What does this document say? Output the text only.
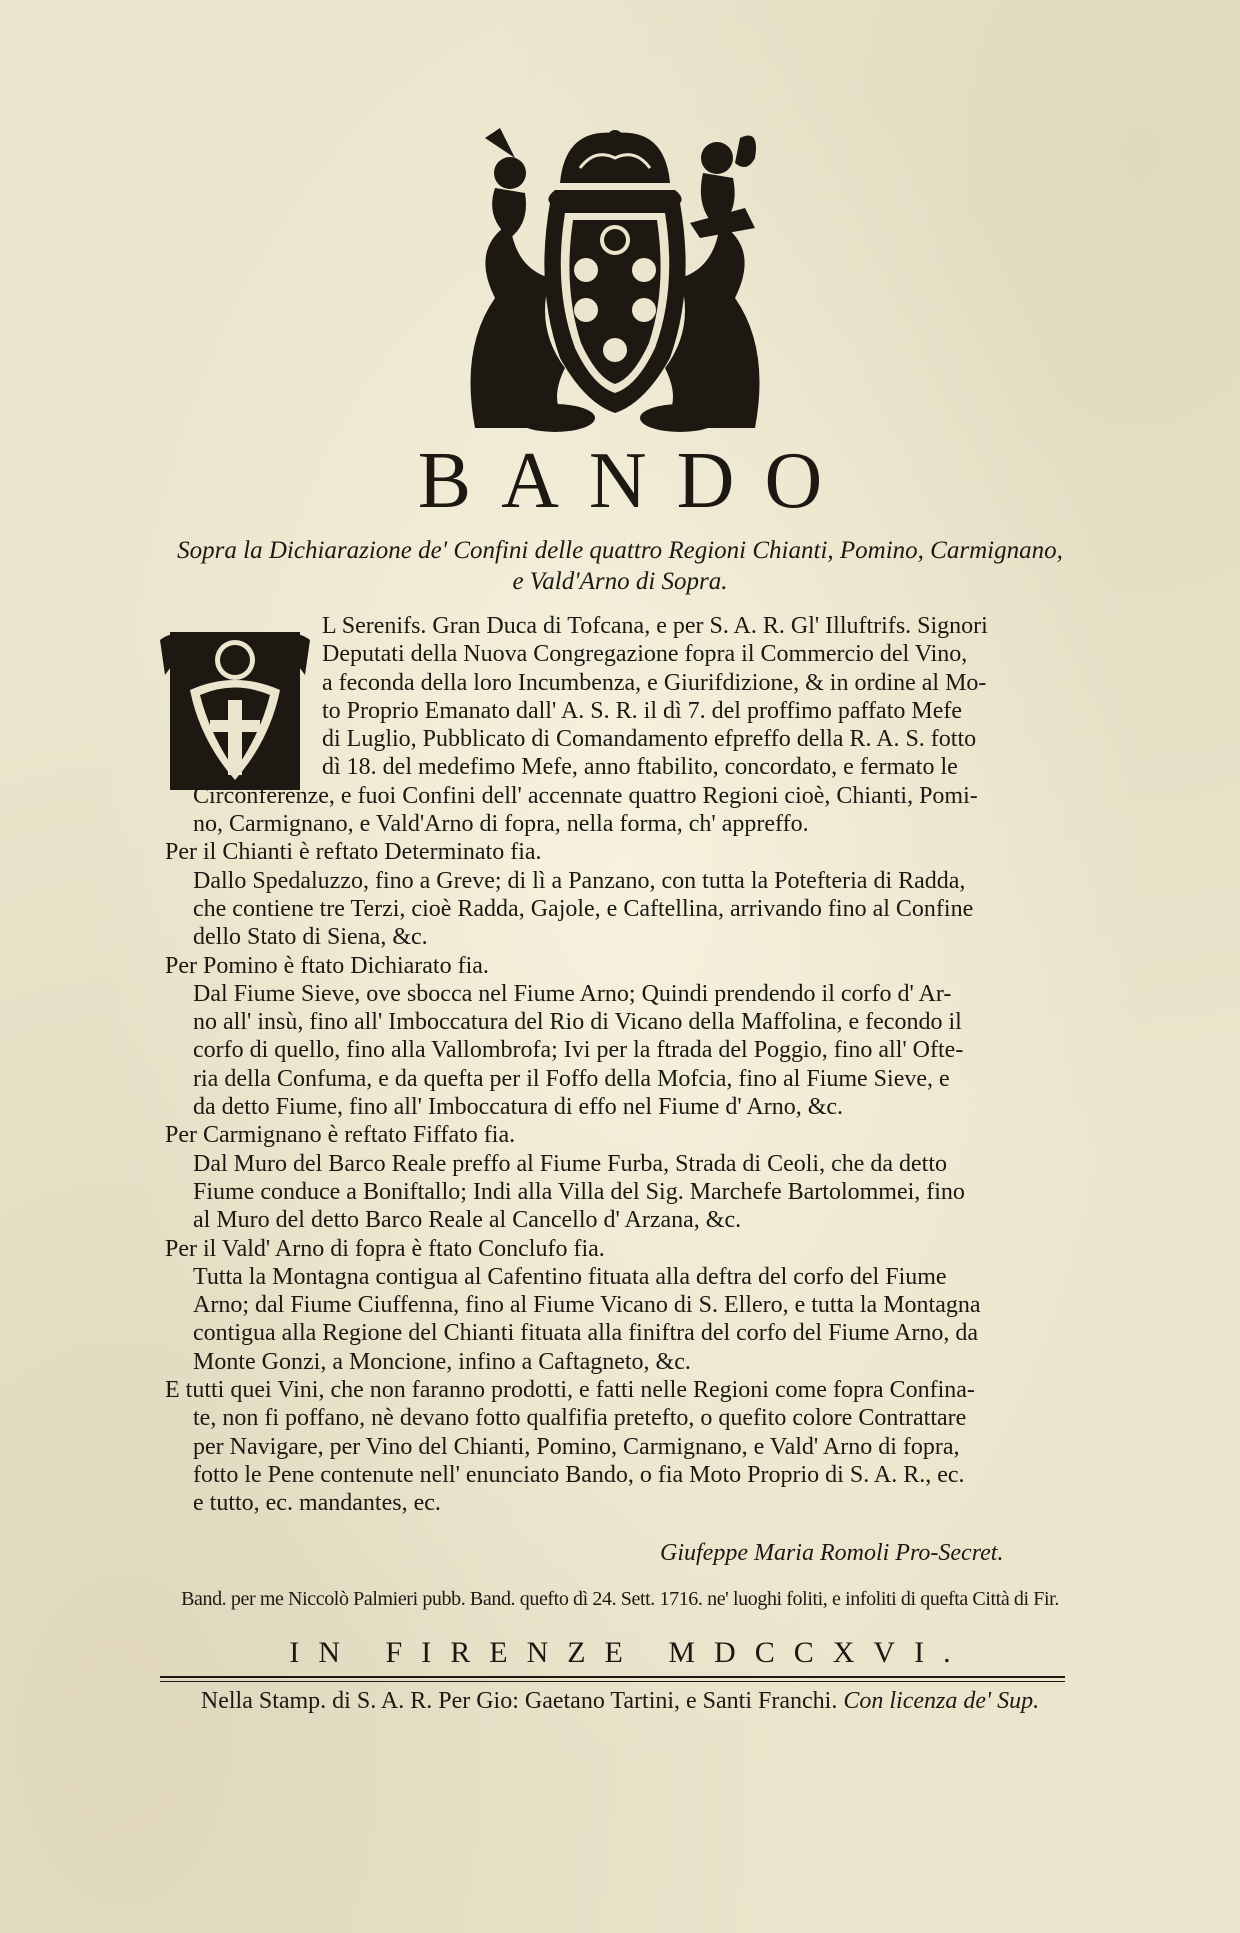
BANDO
Sopra la Dichiarazione de' Confini delle quattro Regioni Chianti, Pomino, Carmignano,
e Vald'Arno di Sopra.

L Serenifs. Gran Duca di Tofcana, e per S. A. R. Gl' Illuftrifs. Signori
Deputati della Nuova Congregazione fopra il Commercio del Vino,
a feconda della loro Incumbenza, e Giurifdizione, & in ordine al Mo-
to Proprio Emanato dall' A. S. R. il dì 7. del proffimo paffato Mefe
di Luglio, Pubblicato di Comandamento efpreffo della R. A. S. fotto
dì 18. del medefimo Mefe, anno ftabilito, concordato, e fermato le
Circonferenze, e fuoi Confini dell' accennate quattro Regioni cioè, Chianti, Pomi-
no, Carmignano, e Vald'Arno di fopra, nella forma, ch' appreffo.

Per il Chianti è reftato Determinato fia.
Dallo Spedaluzzo, fino a Greve; di lì a Panzano, con tutta la Potefteria di Radda,
che contiene tre Terzi, cioè Radda, Gajole, e Caftellina, arrivando fino al Confine
dello Stato di Siena, &c.

Per Pomino è ftato Dichiarato fia.
Dal Fiume Sieve, ove sbocca nel Fiume Arno; Quindi prendendo il corfo d' Ar-
no all' insù, fino all' Imboccatura del Rio di Vicano della Maffolina, e fecondo il
corfo di quello, fino alla Vallombrofa; Ivi per la ftrada del Poggio, fino all' Ofte-
ria della Confuma, e da quefta per il Foffo della Mofcia, fino al Fiume Sieve, e
da detto Fiume, fino all' Imboccatura di effo nel Fiume d' Arno, &c.

Per Carmignano è reftato Fiffato fia.
Dal Muro del Barco Reale preffo al Fiume Furba, Strada di Ceoli, che da detto
Fiume conduce a Boniftallo; Indi alla Villa del Sig. Marchefe Bartolommei, fino
al Muro del detto Barco Reale al Cancello d' Arzana, &c.

Per il Vald' Arno di fopra è ftato Conclufo fia.
Tutta la Montagna contigua al Cafentino fituata alla deftra del corfo del Fiume
Arno; dal Fiume Ciuffenna, fino al Fiume Vicano di S. Ellero, e tutta la Montagna
contigua alla Regione del Chianti fituata alla finiftra del corfo del Fiume Arno, da
Monte Gonzi, a Moncione, infino a Caftagneto, &c.

E tutti quei Vini, che non faranno prodotti, e fatti nelle Regioni come fopra Confina-
te, non fi poffano, nè devano fotto qualfifia pretefto, o quefito colore Contrattare
per Navigare, per Vino del Chianti, Pomino, Carmignano, e Vald' Arno di fopra,
fotto le Pene contenute nell' enunciato Bando, o fia Moto Proprio di S. A. R., ec.
e tutto, ec. mandantes, ec.

Giufeppe Maria Romoli Pro-Secret.
Band. per me Niccolò Palmieri pubb. Band. quefto dì 24. Sett. 1716. ne' luoghi foliti, e infoliti di quefta Città di Fir.
IN FIRENZE MDCCXVI.
Nella Stamp. di S. A. R. Per Gio: Gaetano Tartini, e Santi Franchi. Con licenza de' Sup.
